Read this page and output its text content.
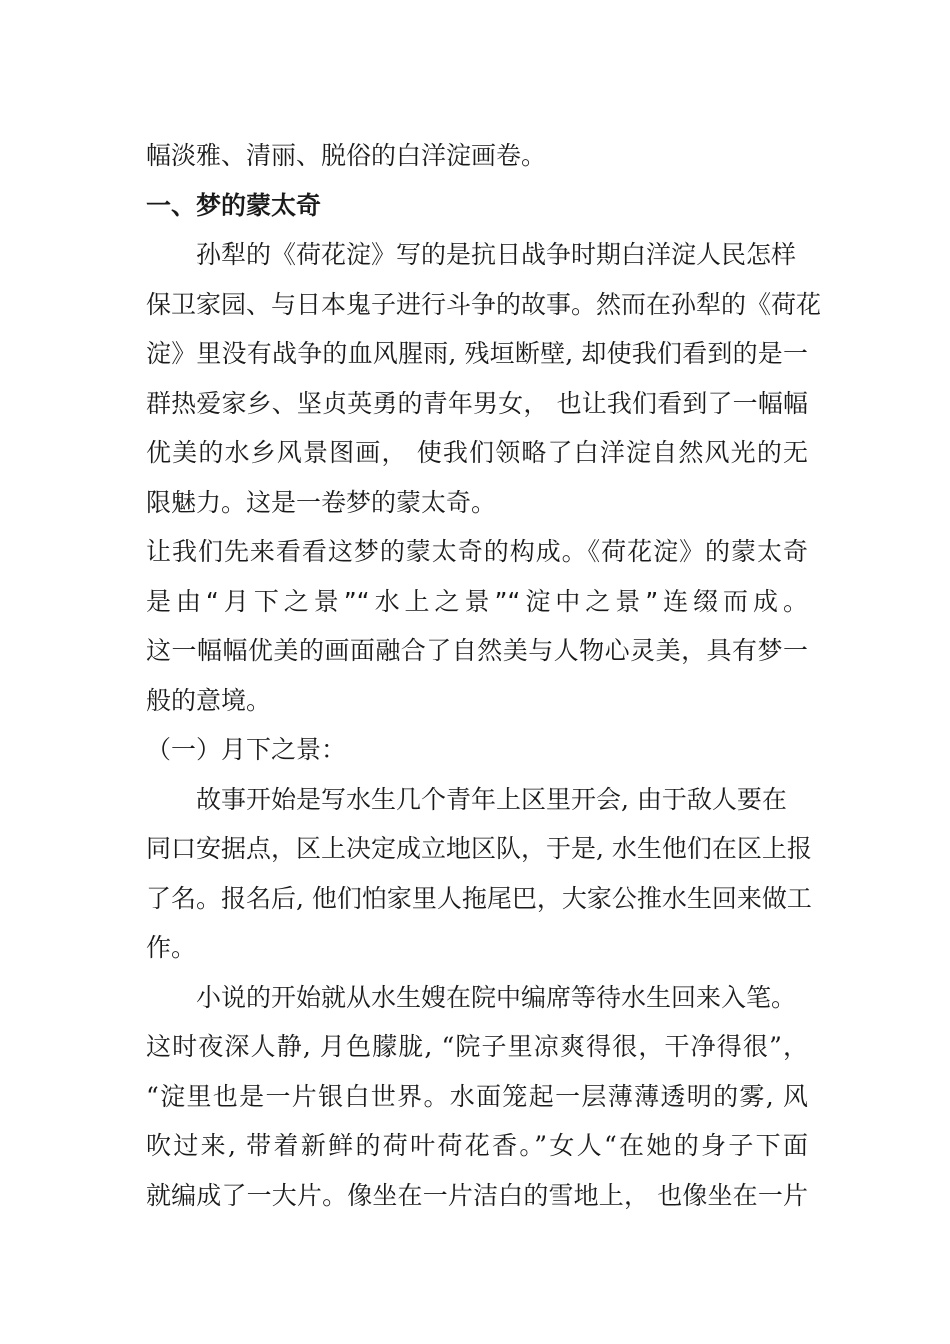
幅淡雅、清丽、脱俗的白洋淀画卷。
一、梦的蒙太奇
孙犁的《荷花淀》写的是抗日战争时期白洋淀人民怎样
保卫家园、与日本鬼子进行斗争的故事。然而在孙犁的《荷花
淀》里没有战争的血风腥雨, 残垣断壁, 却使我们看到的是一
群热爱家乡、坚贞英勇的青年男女， 也让我们看到了一幅幅
优美的水乡风景图画， 使我们领略了白洋淀自然风光的无
限魅力。这是一卷梦的蒙太奇。
让我们先来看看这梦的蒙太奇的构成。《荷花淀》的蒙太奇
是由“月下之景”“水上之景”“淀中之景”连缀而成。
这一幅幅优美的画面融合了自然美与人物心灵美，具有梦一
般的意境。
（一）月下之景：
故事开始是写水生几个青年上区里开会, 由于敌人要在
同口安据点，区上决定成立地区队，于是, 水生他们在区上报
了名。报名后, 他们怕家里人拖尾巴，大家公推水生回来做工
作。
小说的开始就从水生嫂在院中编席等待水生回来入笔。
这时夜深人静, 月色朦胧, “院子里凉爽得很，干净得很”，
“淀里也是一片银白世界。水面笼起一层薄薄透明的雾, 风
吹过来, 带着新鲜的荷叶荷花香。”女人“在她的身子下面
就编成了一大片。像坐在一片洁白的雪地上， 也像坐在一片
